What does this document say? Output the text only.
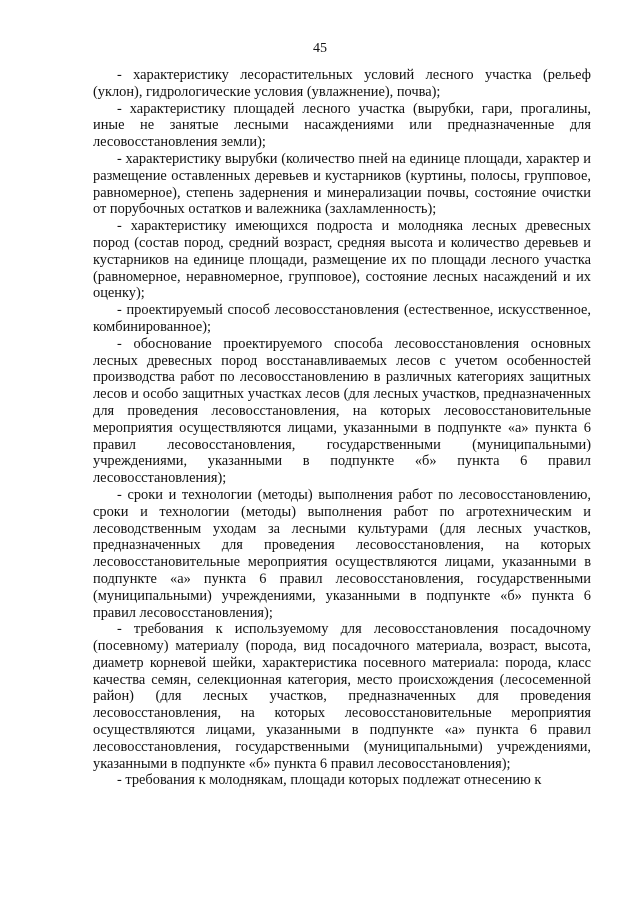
45

- характеристику лесорастительных условий лесного участка (рельеф (уклон), гидрологические условия (увлажнение), почва);

- характеристику площадей лесного участка (вырубки, гари, прогалины, иные не занятые лесными насаждениями или предназначенные для лесовосстановления земли);

- характеристику вырубки (количество пней на единице площади, характер и размещение оставленных деревьев и кустарников (куртины, полосы, групповое, равномерное), степень задернения и минерализации почвы, состояние очистки от порубочных остатков и валежника (захламленность);

- характеристику имеющихся подроста и молодняка лесных древесных пород (состав пород, средний возраст, средняя высота и количество деревьев и кустарников на единице площади, размещение их по площади лесного участка (равномерное, неравномерное, групповое), состояние лесных насаждений и их оценку);

- проектируемый способ лесовосстановления (естественное, искусственное, комбинированное);

- обоснование проектируемого способа лесовосстановления основных лесных древесных пород восстанавливаемых лесов с учетом особенностей производства работ по лесовосстановлению в различных категориях защитных лесов и особо защитных участках лесов (для лесных участков, предназначенных для проведения лесовосстановления, на которых лесовосстановительные мероприятия осуществляются лицами, указанными в подпункте «а» пункта 6 правил лесовосстановления, государственными (муниципальными) учреждениями, указанными в подпункте «б» пункта 6 правил лесовосстановления);

- сроки и технологии (методы) выполнения работ по лесовосстановлению, сроки и технологии (методы) выполнения работ по агротехническим и лесоводственным уходам за лесными культурами (для лесных участков, предназначенных для проведения лесовосстановления, на которых лесовосстановительные мероприятия осуществляются лицами, указанными в подпункте «а» пункта 6 правил лесовосстановления, государственными (муниципальными) учреждениями, указанными в подпункте «б» пункта 6 правил лесовосстановления);

- требования к используемому для лесовосстановления посадочному (посевному) материалу (порода, вид посадочного материала, возраст, высота, диаметр корневой шейки, характеристика посевного материала: порода, класс качества семян, селекционная категория, место происхождения (лесосеменной район) (для лесных участков, предназначенных для проведения лесовосстановления, на которых лесовосстановительные мероприятия осуществляются лицами, указанными в подпункте «а» пункта 6 правил лесовосстановления, государственными (муниципальными) учреждениями, указанными в подпункте «б» пункта 6 правил лесовосстановления);

- требования к молоднякам, площади которых подлежат отнесению к
